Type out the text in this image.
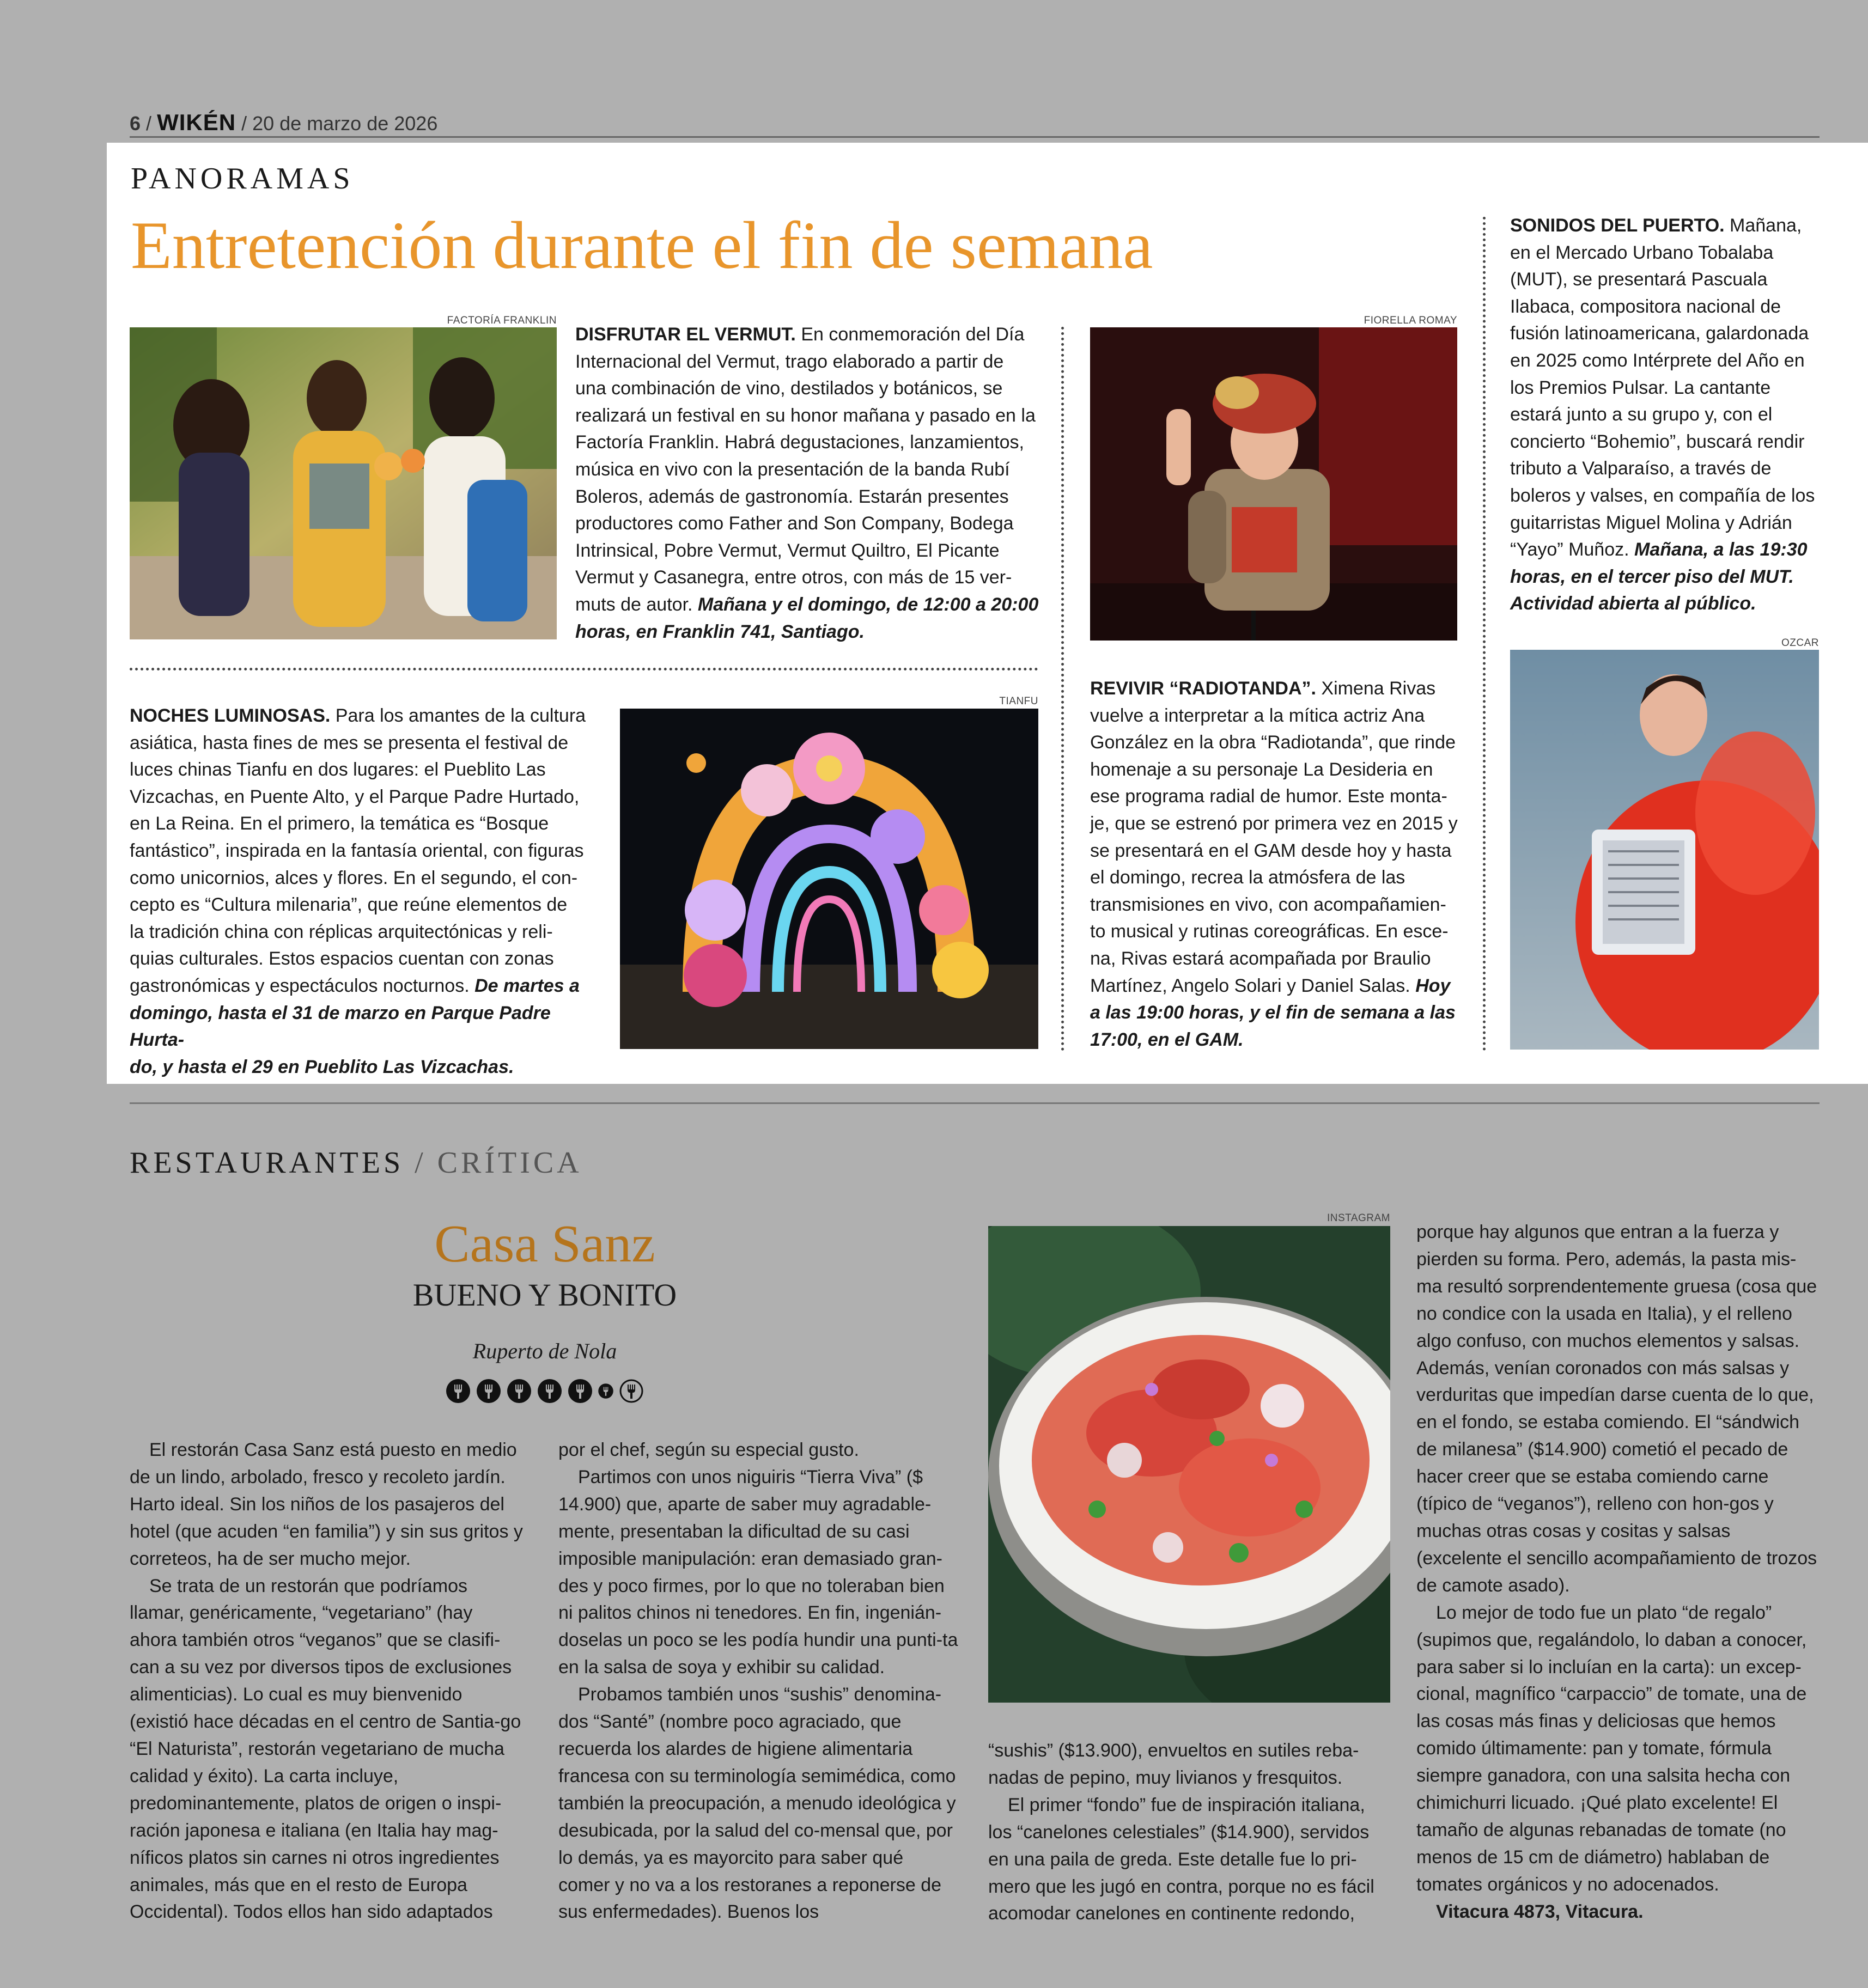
6 / WIKÉN / 20 de marzo de 2026
PANORAMAS
Entretención durante el fin de semana
FACTORÍA FRANKLIN
DISFRUTAR EL VERMUT. En conmemoración del Día
Internacional del Vermut, trago elaborado a partir de
una combinación de vino, destilados y botánicos, se
realizará un festival en su honor mañana y pasado en la
Factoría Franklin. Habrá degustaciones, lanzamientos,
música en vivo con la presentación de la banda Rubí
Boleros, además de gastronomía. Estarán presentes
productores como Father and Son Company, Bodega
Intrinsical, Pobre Vermut, Vermut Quiltro, El Picante
Vermut y Casanegra, entre otros, con más de 15 ver-
muts de autor. Mañana y el domingo, de 12:00 a 20:00
horas, en Franklin 741, Santiago.
NOCHES LUMINOSAS. Para los amantes de la cultura
asiática, hasta fines de mes se presenta el festival de
luces chinas Tianfu en dos lugares: el Pueblito Las
Vizcachas, en Puente Alto, y el Parque Padre Hurtado,
en La Reina. En el primero, la temática es “Bosque
fantástico”, inspirada en la fantasía oriental, con figuras
como unicornios, alces y flores. En el segundo, el con-
cepto es “Cultura milenaria”, que reúne elementos de
la tradición china con réplicas arquitectónicas y reli-
quias culturales. Estos espacios cuentan con zonas
gastronómicas y espectáculos nocturnos. De martes a
domingo, hasta el 31 de marzo en Parque Padre Hurta-
do, y hasta el 29 en Pueblito Las Vizcachas.
TIANFU
FIORELLA ROMAY
REVIVIR “RADIOTANDA”. Ximena Rivas
vuelve a interpretar a la mítica actriz Ana
González en la obra “Radiotanda”, que rinde
homenaje a su personaje La Desideria en
ese programa radial de humor. Este monta-
je, que se estrenó por primera vez en 2015 y
se presentará en el GAM desde hoy y hasta
el domingo, recrea la atmósfera de las
transmisiones en vivo, con acompañamien-
to musical y rutinas coreográficas. En esce-
na, Rivas estará acompañada por Braulio
Martínez, Angelo Solari y Daniel Salas. Hoy
a las 19:00 horas, y el fin de semana a las
17:00, en el GAM.
SONIDOS DEL PUERTO. Mañana,
en el Mercado Urbano Tobalaba
(MUT), se presentará Pascuala
Ilabaca, compositora nacional de
fusión latinoamericana, galardonada
en 2025 como Intérprete del Año en
los Premios Pulsar. La cantante
estará junto a su grupo y, con el
concierto “Bohemio”, buscará rendir
tributo a Valparaíso, a través de
boleros y valses, en compañía de los
guitarristas Miguel Molina y Adrián
“Yayo” Muñoz. Mañana, a las 19:30
horas, en el tercer piso del MUT.
Actividad abierta al público.
OZCAR
RESTAURANTES / CRÍTICA
Casa Sanz
BUENO Y BONITO
Ruperto de Nola

El restorán Casa Sanz está puesto en medio de un lindo, arbolado, fresco y recoleto jardín. Harto ideal. Sin los niños de los pasajeros del hotel (que acuden “en familia”) y sin sus gritos y correteos, ha de ser mucho mejor.

Se trata de un restorán que podríamos llamar, genéricamente, “vegetariano” (hay ahora también otros “veganos” que se clasifi-can a su vez por diversos tipos de exclusiones alimenticias). Lo cual es muy bienvenido (existió hace décadas en el centro de Santia-go “El Naturista”, restorán vegetariano de mucha calidad y éxito). La carta incluye, predominantemente, platos de origen o inspi-ración japonesa e italiana (en Italia hay mag-níficos platos sin carnes ni otros ingredientes animales, más que en el resto de Europa Occidental). Todos ellos han sido adaptados

por el chef, según su especial gusto.

Partimos con unos niguiris “Tierra Viva” ($ 14.900) que, aparte de saber muy agradable-mente, presentaban la dificultad de su casi imposible manipulación: eran demasiado gran-des y poco firmes, por lo que no toleraban bien ni palitos chinos ni tenedores. En fin, ingenián-doselas un poco se les podía hundir una punti-ta en la salsa de soya y exhibir su calidad.

Probamos también unos “sushis” denomina-dos “Santé” (nombre poco agraciado, que recuerda los alardes de higiene alimentaria francesa con su terminología semimédica, como también la preocupación, a menudo ideológica y desubicada, por la salud del co-mensal que, por lo demás, ya es mayorcito para saber qué comer y no va a los restoranes a reponerse de sus enfermedades). Buenos los

INSTAGRAM

“sushis” ($13.900), envueltos en sutiles reba-nadas de pepino, muy livianos y fresquitos.

El primer “fondo” fue de inspiración italiana, los “canelones celestiales” ($14.900), servidos en una paila de greda. Este detalle fue lo pri-mero que les jugó en contra, porque no es fácil acomodar canelones en continente redondo,

porque hay algunos que entran a la fuerza y pierden su forma. Pero, además, la pasta mis-ma resultó sorprendentemente gruesa (cosa que no condice con la usada en Italia), y el relleno algo confuso, con muchos elementos y salsas. Además, venían coronados con más salsas y verduritas que impedían darse cuenta de lo que, en el fondo, se estaba comiendo. El “sándwich de milanesa” ($14.900) cometió el pecado de hacer creer que se estaba comiendo carne (típico de “veganos”), relleno con hon-gos y muchas otras cosas y cositas y salsas (excelente el sencillo acompañamiento de trozos de camote asado).

Lo mejor de todo fue un plato “de regalo” (supimos que, regalándolo, lo daban a conocer, para saber si lo incluían en la carta): un excep-cional, magnífico “carpaccio” de tomate, una de las cosas más finas y deliciosas que hemos comido últimamente: pan y tomate, fórmula siempre ganadora, con una salsita hecha con chimichurri licuado. ¡Qué plato excelente! El tamaño de algunas rebanadas de tomate (no menos de 15 cm de diámetro) hablaban de tomates orgánicos y no adocenados.

Vitacura 4873, Vitacura.
